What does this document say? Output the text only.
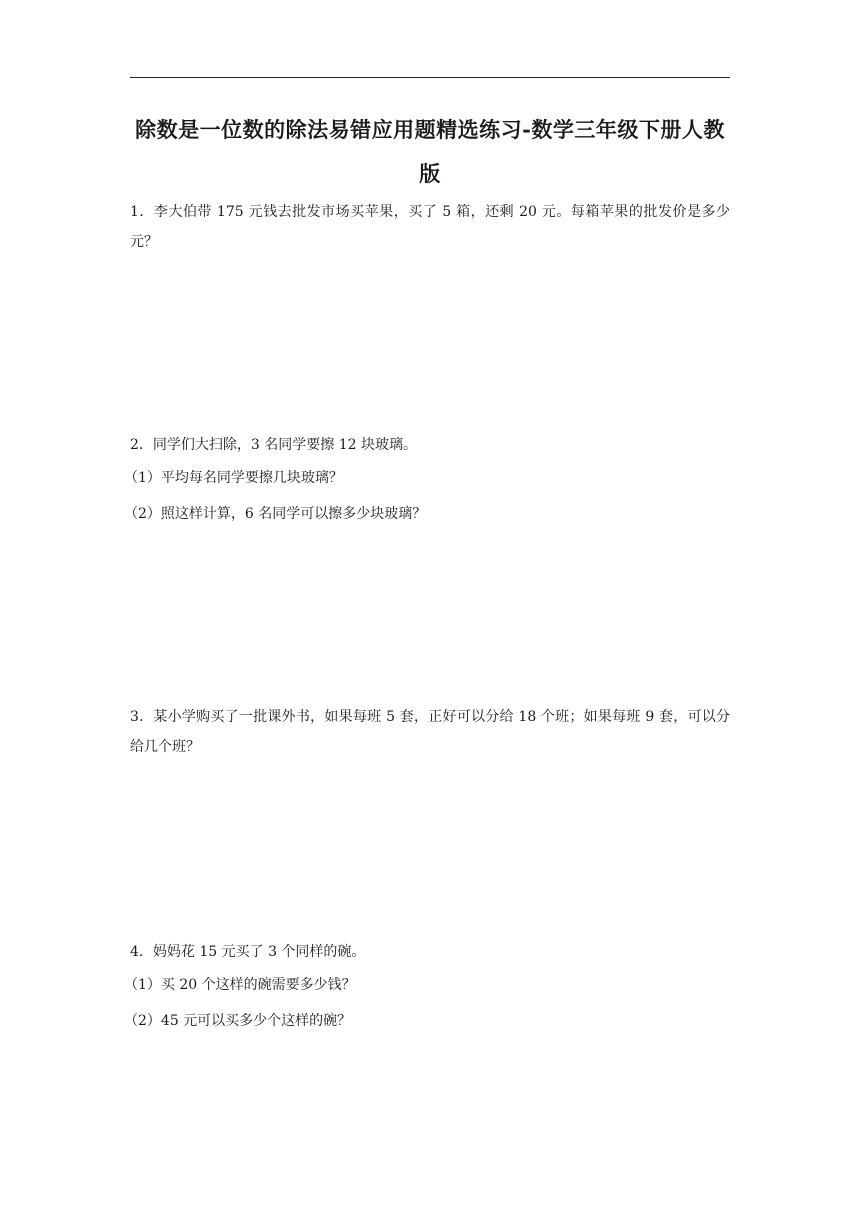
除数是一位数的除法易错应用题精选练习-数学三年级下册人教版

1．李大伯带 175 元钱去批发市场买苹果，买了 5 箱，还剩 20 元。每箱苹果的批发价是多少元？

2．同学们大扫除，3 名同学要擦 12 块玻璃。

（1）平均每名同学要擦几块玻璃？

（2）照这样计算，6 名同学可以擦多少块玻璃？

3．某小学购买了一批课外书，如果每班 5 套，正好可以分给 18 个班；如果每班 9 套，可以分给几个班？

4．妈妈花 15 元买了 3 个同样的碗。

（1）买 20 个这样的碗需要多少钱？

（2）45 元可以买多少个这样的碗？
